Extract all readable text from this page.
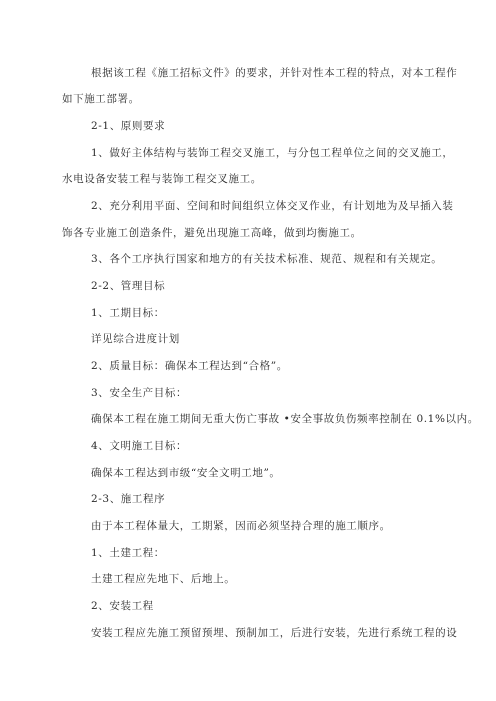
根据该工程《施工招标文件》的要求，并针对性本工程的特点，对本工程作
如下施工部署。
2-1、原则要求
1、做好主体结构与装饰工程交叉施工，与分包工程单位之间的交叉施工，
水电设备安装工程与装饰工程交叉施工。
2、充分利用平面、空间和时间组织立体交叉作业，有计划地为及早插入装
饰各专业施工创造条件，避免出现施工高峰，做到均衡施工。
3、各个工序执行国家和地方的有关技术标准、规范、规程和有关规定。
2-2、管理目标
1、工期目标：
详见综合进度计划
2、质量目标：确保本工程达到“合格”。
3、安全生产目标：
确保本工程在施工期间无重大伤亡事故 •安全事故负伤频率控制在 0.1%以内。
4、文明施工目标：
确保本工程达到市级“安全文明工地”。
2-3、施工程序
由于本工程体量大，工期紧，因而必须坚持合理的施工顺序。
1、土建工程：
土建工程应先地下、后地上。
2、安装工程
安装工程应先施工预留预埋、预制加工，后进行安装，先进行系统工程的设
